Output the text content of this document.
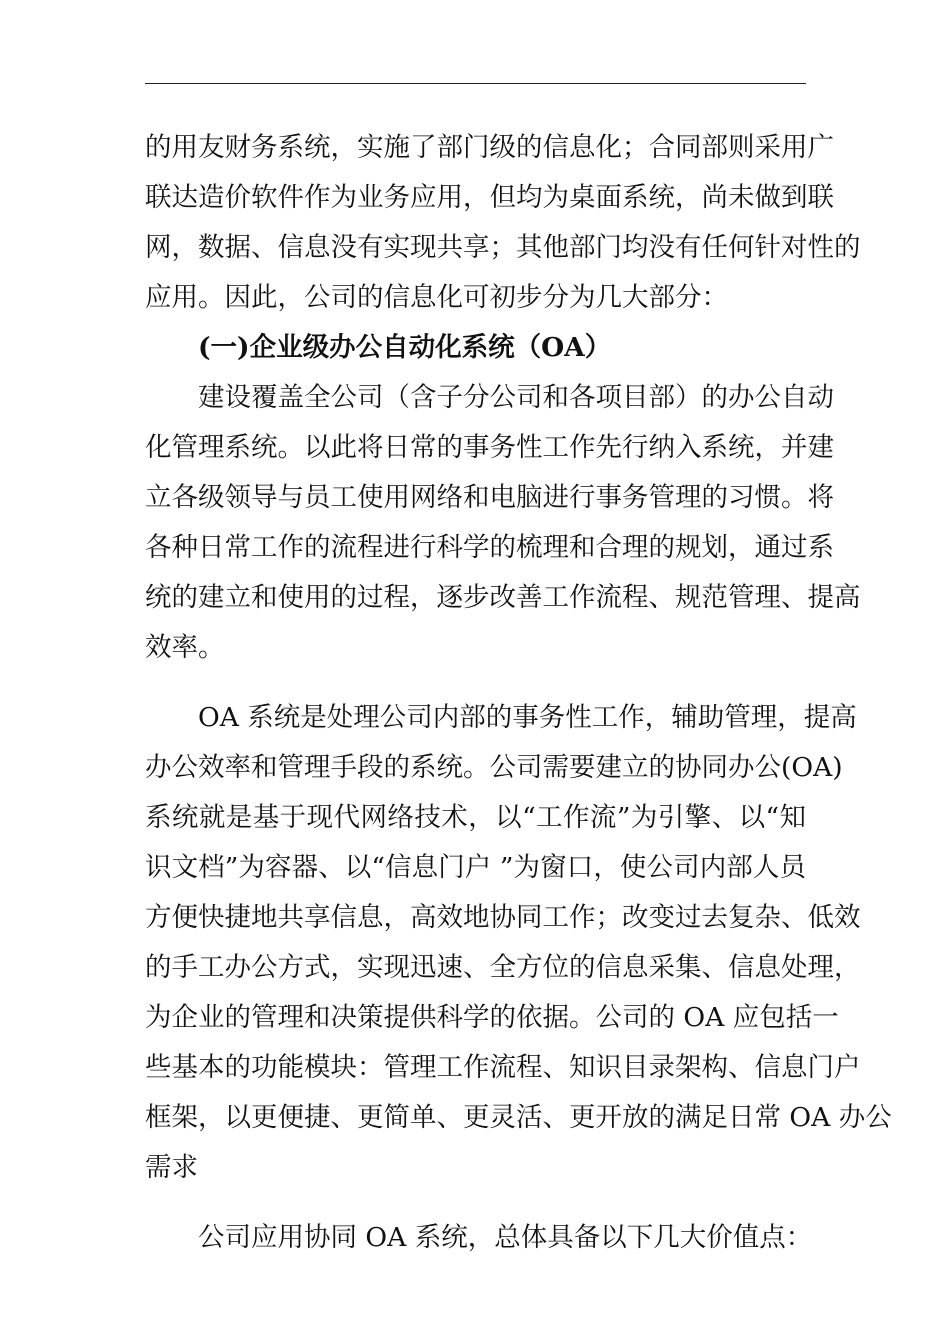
的用友财务系统，实施了部门级的信息化；合同部则采用广
联达造价软件作为业务应用，但均为桌面系统，尚未做到联
网，数据、信息没有实现共享；其他部门均没有任何针对性的
应用。因此，公司的信息化可初步分为几大部分：
(一)企业级办公自动化系统（OA）
建设覆盖全公司（含子分公司和各项目部）的办公自动
化管理系统。以此将日常的事务性工作先行纳入系统，并建
立各级领导与员工使用网络和电脑进行事务管理的习惯。将
各种日常工作的流程进行科学的梳理和合理的规划，通过系
统的建立和使用的过程，逐步改善工作流程、规范管理、提高
效率。
OA 系统是处理公司内部的事务性工作，辅助管理，提高
办公效率和管理手段的系统。公司需要建立的协同办公(OA)
系统就是基于现代网络技术，以“工作流”为引擎、以“知
识文档”为容器、以“信息门户 ”为窗口，使公司内部人员
方便快捷地共享信息，高效地协同工作；改变过去复杂、低效
的手工办公方式，实现迅速、全方位的信息采集、信息处理，
为企业的管理和决策提供科学的依据。公司的 OA 应包括一
些基本的功能模块：管理工作流程、知识目录架构、信息门户
框架，以更便捷、更简单、更灵活、更开放的满足日常 OA 办公
需求
公司应用协同 OA 系统，总体具备以下几大价值点：
